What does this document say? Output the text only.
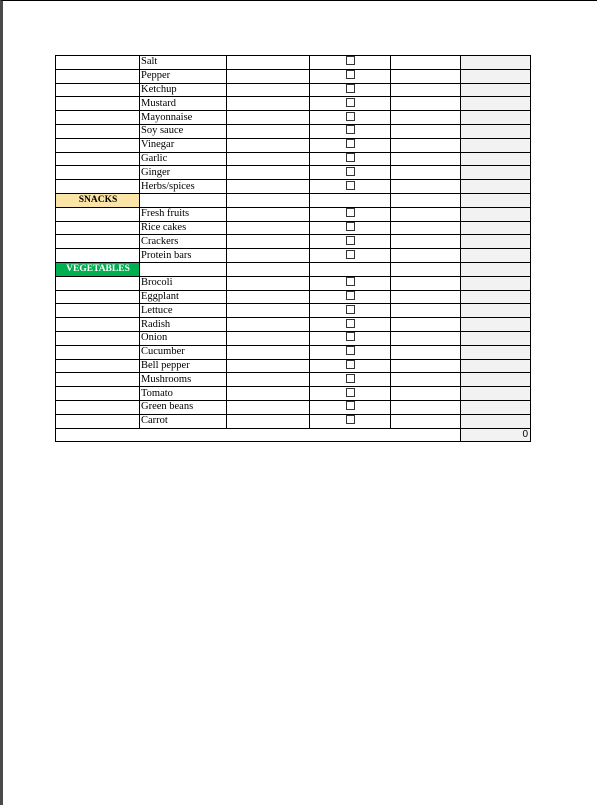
	Salt				
	Pepper				
	Ketchup				
	Mustard				
	Mayonnaise				
	Soy sauce				
	Vinegar				
	Garlic				
	Ginger				
	Herbs/spices				
SNACKS					
	Fresh fruits				
	Rice cakes				
	Crackers				
	Protein bars				
VEGETABLES					
	Brocoli				
	Eggplant				
	Lettuce				
	Radish				
	Onion				
	Cucumber				
	Bell pepper				
	Mushrooms				
	Tomato				
	Green beans				
	Carrot				
					0
